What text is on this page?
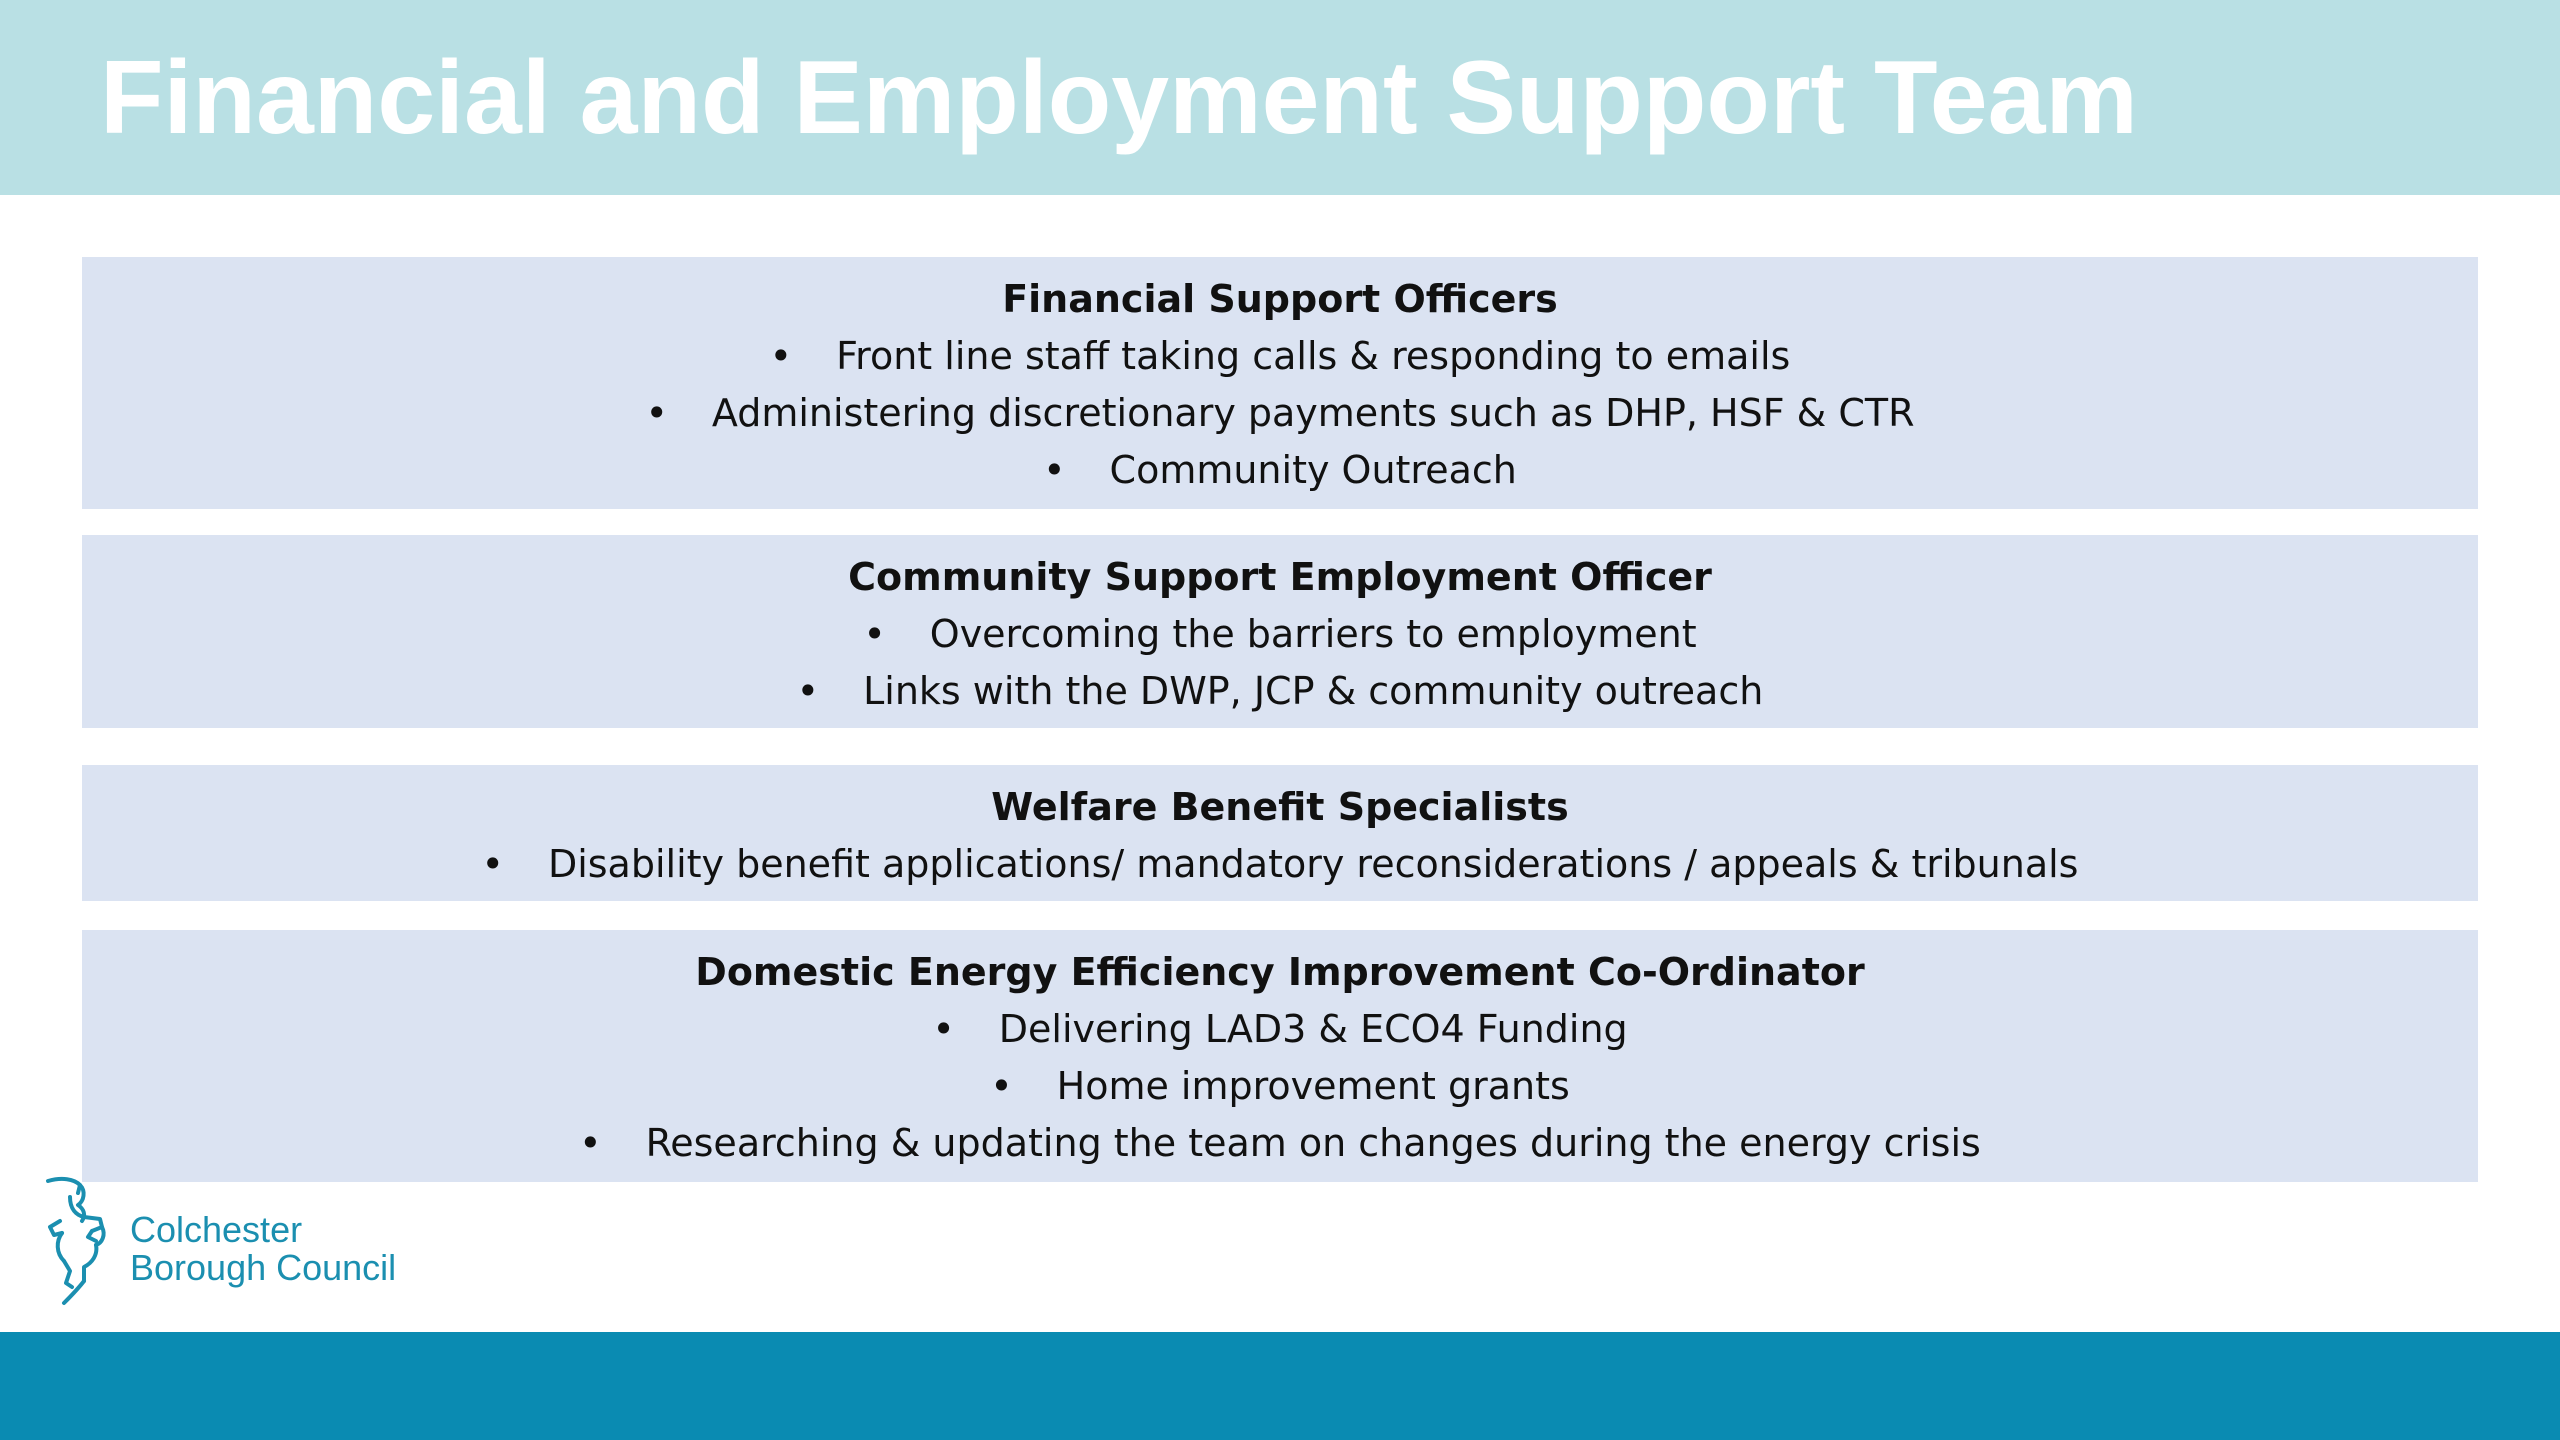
Financial and Employment Support Team

Financial Support Officers

• Front line staff taking calls & responding to emails
• Administering discretionary payments such as DHP, HSF & CTR
• Community Outreach

Community Support Employment Officer

• Overcoming the barriers to employment
• Links with the DWP, JCP & community outreach

Welfare Benefit Specialists

• Disability benefit applications/ mandatory reconsiderations / appeals & tribunals

Domestic Energy Efficiency Improvement Co-Ordinator

• Delivering LAD3 & ECO4 Funding
• Home improvement grants
• Researching & updating the team on changes during the energy crisis
Colchester
Borough Council
